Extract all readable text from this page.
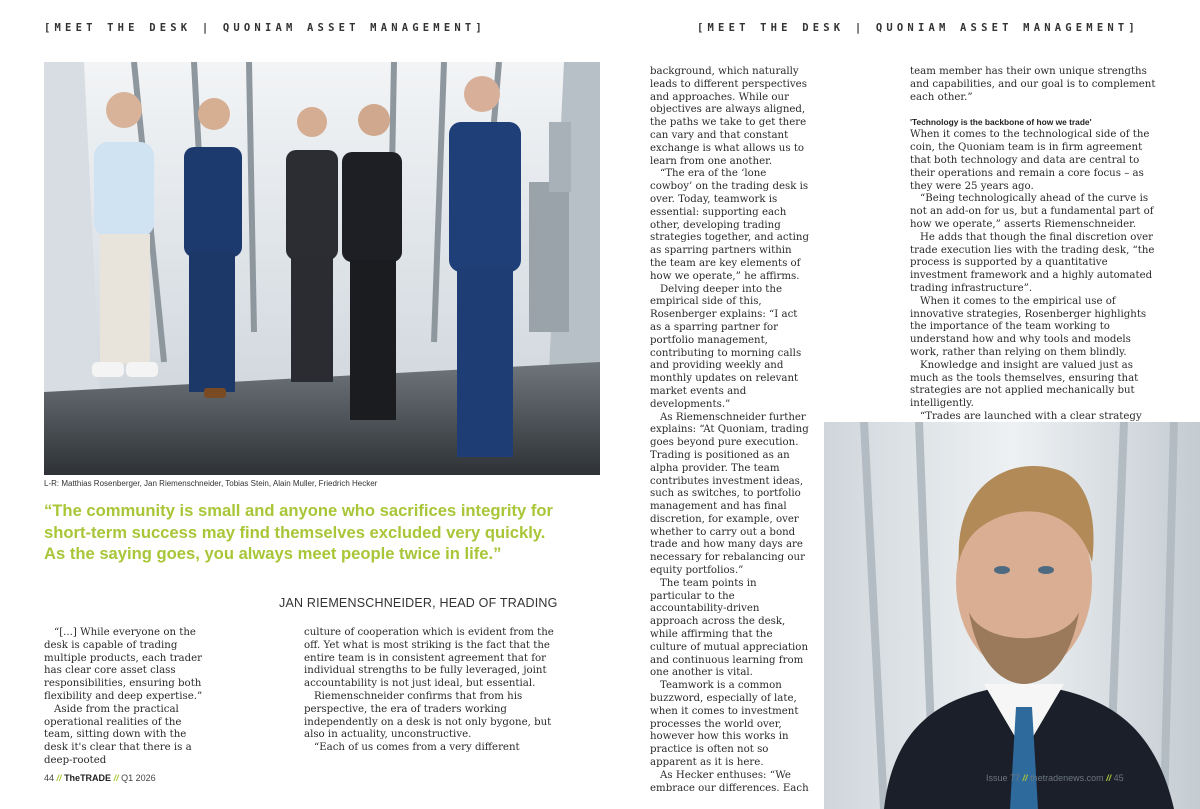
[MEET THE DESK | QUONIAM ASSET MANAGEMENT]	[MEET THE DESK | QUONIAM ASSET MANAGEMENT]
L-R: Matthias Rosenberger, Jan Riemenschneider, Tobias Stein, Alain Muller, Friedrich Hecker
“The community is small and anyone who sacrifices integrity for short-term success may find themselves excluded very quickly. As the saying goes, you always meet people twice in life.”
JAN RIEMENSCHNEIDER, HEAD OF TRADING

“[...] While everyone on the desk is capable of trading multiple products, each trader has clear core asset class responsibilities, ensuring both flexibility and deep expertise.”

Aside from the practical operational realities of the team, sitting down with the desk it's clear that there is a deep-rooted

culture of cooperation which is evident from the off. Yet what is most striking is the fact that the entire team is in consistent agreement that for individual strengths to be fully leveraged, joint accountability is not just ideal, but essential.

Riemenschneider confirms that from his perspective, the era of traders working independently on a desk is not only bygone, but also in actuality, unconstructive.

“Each of us comes from a very different

background, which naturally leads to different perspectives and approaches. While our objectives are always aligned, the paths we take to get there can vary and that constant exchange is what allows us to learn from one another.

“The era of the ‘lone cowboy’ on the trading desk is over. Today, teamwork is essential: supporting each other, developing trading strategies together, and acting as sparring partners within the team are key elements of how we operate,” he affirms.

Delving deeper into the empirical side of this, Rosenberger explains: “I act as a sparring partner for portfolio management, contributing to morning calls and providing weekly and monthly updates on relevant market events and developments.”

As Riemenschneider further explains: “At Quoniam, trading goes beyond pure execution. Trading is positioned as an alpha provider. The team contributes investment ideas, such as switches, to portfolio management and has final discretion, for example, over whether to carry out a bond trade and how many days are necessary for rebalancing our equity portfolios.”

The team points in particular to the accountability-driven approach across the desk, while affirming that the culture of mutual appreciation and continuous learning from one another is vital.

Teamwork is a common buzzword, especially of late, when it comes to investment processes the world over, however how this works in practice is often not so apparent as it is here.

As Hecker enthuses: “We embrace our differences. Each

team member has their own unique strengths and capabilities, and our goal is to complement each other.”

'Technology is the backbone of how we trade'

When it comes to the technological side of the coin, the Quoniam team is in firm agreement that both technology and data are central to their operations and remain a core focus – as they were 25 years ago.

“Being technologically ahead of the curve is not an add-on for us, but a fundamental part of how we operate,” asserts Riemenschneider.

He adds that though the final discretion over trade execution lies with the trading desk, “the process is supported by a quantitative investment framework and a highly automated trading infrastructure”.

When it comes to the empirical use of innovative strategies, Rosenberger highlights the importance of the team working to understand how and why tools and models work, rather than relying on them blindly.

Knowledge and insight are valued just as much as the tools themselves, ensuring that strategies are not applied mechanically but intelligently.

“Trades are launched with a clear strategy

44 // TheTRADE // Q1 2026	Issue 77 // thetradenews.com // 45
